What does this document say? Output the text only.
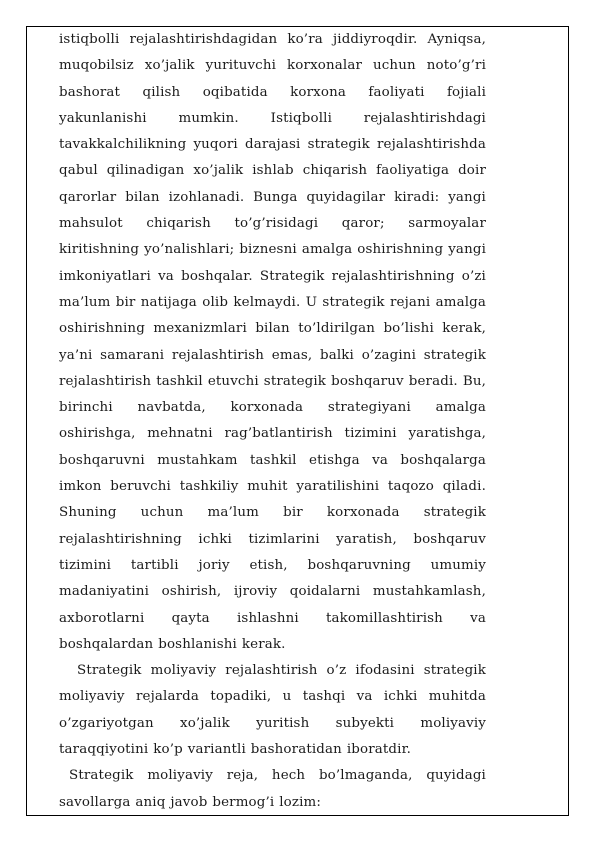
istiqbolli rejalashtirishdagidan ko’ra jiddiyroqdir. Ayniqsa, muqobilsiz xo’jalik yurituvchi korxonalar uchun noto’g’ri bashorat qilish oqibatida korxona faoliyati fojiali yakunlanishi mumkin. Istiqbolli rejalashtirishdagi tavakkalchilikning yuqori darajasi strategik rejalashtirishda qabul qilinadigan xo’jalik ishlab chiqarish faoliyatiga doir qarorlar bilan izohlanadi. Bunga quyidagilar kiradi: yangi mahsulot chiqarish to’g’risidagi qaror; sarmoyalar kiritishning yo’nalishlari; biznesni amalga oshirishning yangi imkoniyatlari va boshqalar. Strategik rejalashtirishning o’zi ma’lum bir natijaga olib kelmaydi. U strategik rejani amalga oshirishning mexanizmlari bilan to’ldirilgan bo’lishi kerak, ya’ni samarani rejalashtirish emas, balki o’zagini strategik rejalashtirish tashkil etuvchi strategik boshqaruv beradi. Bu, birinchi navbatda, korxonada strategiyani amalga oshirishga, mehnatni rag’batlantirish tizimini yaratishga, boshqaruvni mustahkam tashkil etishga va boshqalarga imkon beruvchi tashkiliy muhit yaratilishini taqozo qiladi. Shuning uchun ma’lum bir korxonada strategik rejalashtirishning ichki tizimlarini yaratish, boshqaruv tizimini tartibli joriy etish, boshqaruvning umumiy madaniyatini oshirish, ijroviy qoidalarni mustahkamlash, axborotlarni qayta ishlashni takomillashtirish va boshqalardan boshlanishi kerak.

Strategik moliyaviy rejalashtirish o’z ifodasini strategik moliyaviy rejalarda topadiki, u tashqi va ichki muhitda o’zgariyotgan xo’jalik yuritish subyekti moliyaviy taraqqiyotini ko’p variantli bashoratidan iboratdir.

Strategik moliyaviy reja, hech bo’lmaganda, quyidagi savollarga aniq javob bermog’i lozim:
